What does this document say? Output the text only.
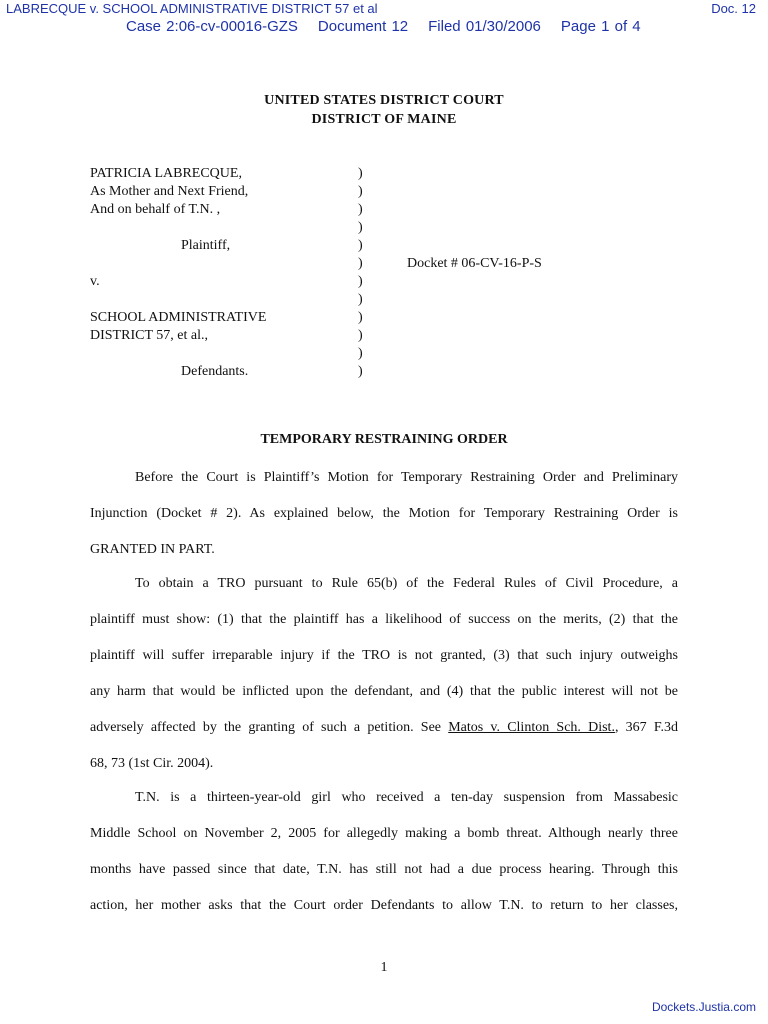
LABRECQUE v. SCHOOL ADMINISTRATIVE DISTRICT 57 et al	Doc. 12
Case 2:06-cv-00016-GZS Document 12 Filed 01/30/2006 Page 1 of 4
UNITED STATES DISTRICT COURT
DISTRICT OF MAINE
PATRICIA LABRECQUE,
As Mother and Next Friend,
And on behalf of T.N. ,
Plaintiff,
v.
SCHOOL ADMINISTRATIVE
DISTRICT 57, et al.,
Defendants.
)
)
)
)
)
)
)
)
)
)
)
)
Docket # 06-CV-16-P-S
TEMPORARY RESTRAINING ORDER
Before the Court is Plaintiff’s Motion for Temporary Restraining Order and Preliminary
Injunction (Docket # 2). As explained below, the Motion for Temporary Restraining Order is
GRANTED IN PART.
To obtain a TRO pursuant to Rule 65(b) of the Federal Rules of Civil Procedure, a
plaintiff must show: (1) that the plaintiff has a likelihood of success on the merits, (2) that the
plaintiff will suffer irreparable injury if the TRO is not granted, (3) that such injury outweighs
any harm that would be inflicted upon the defendant, and (4) that the public interest will not be
adversely affected by the granting of such a petition. See Matos v. Clinton Sch. Dist., 367 F.3d
68, 73 (1st Cir. 2004).
T.N. is a thirteen-year-old girl who received a ten-day suspension from Massabesic
Middle School on November 2, 2005 for allegedly making a bomb threat. Although nearly three
months have passed since that date, T.N. has still not had a due process hearing. Through this
action, her mother asks that the Court order Defendants to allow T.N. to return to her classes,
1
Dockets.Justia.com
